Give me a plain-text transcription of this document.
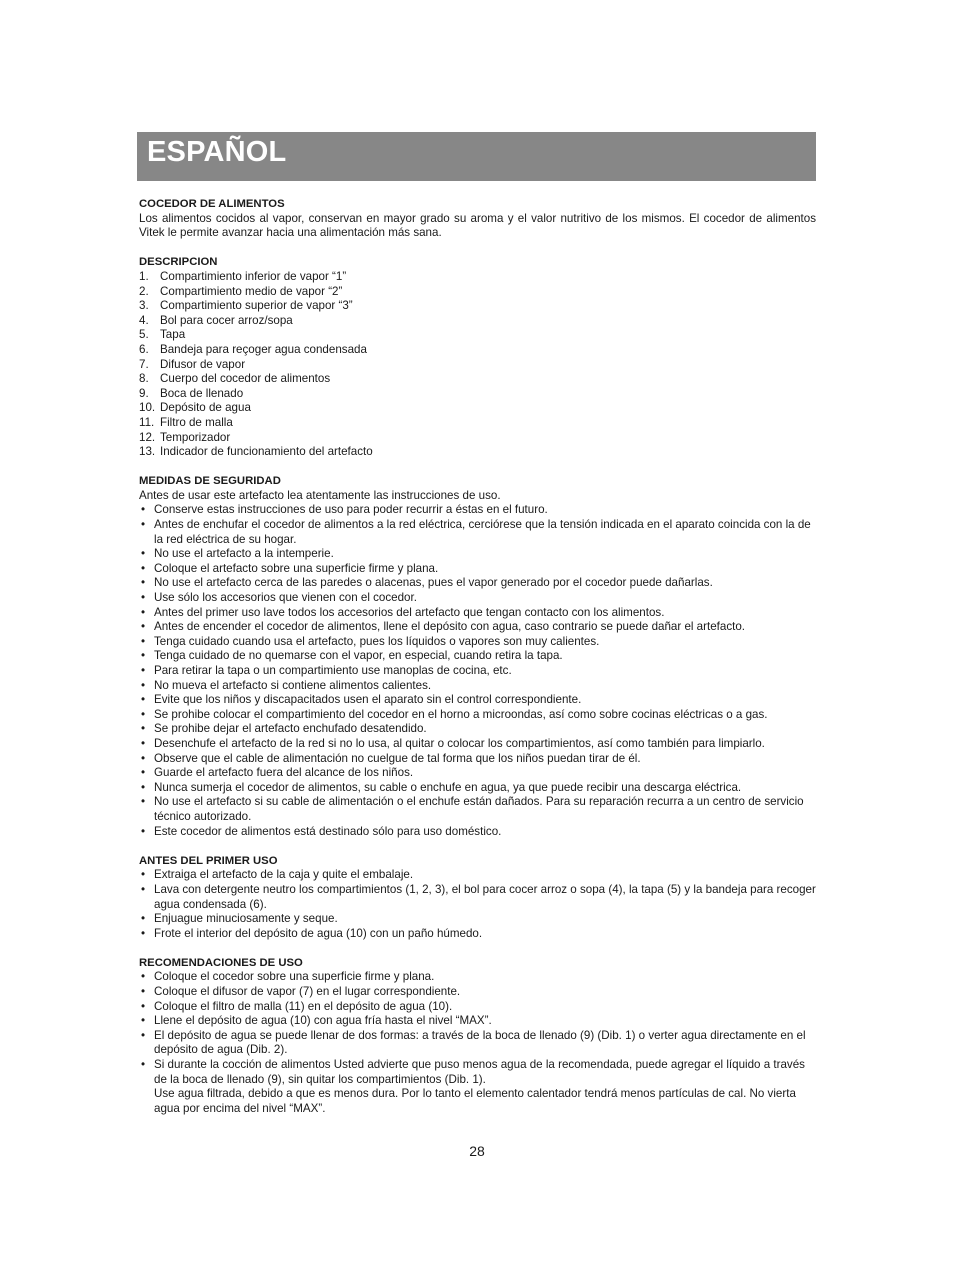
ESPAÑOL
COCEDOR DE ALIMENTOS
Los alimentos cocidos al vapor, conservan en mayor grado su aroma y el valor nutritivo de los mismos. El cocedor de alimentos Vitek le permite avanzar hacia una alimentación más sana.
DESCRIPCION
1. Compartimiento inferior de vapor “1”
2. Compartimiento medio de vapor “2”
3. Compartimiento superior de vapor “3”
4. Bol para cocer arroz/sopa
5. Tapa
6. Bandeja para reçoger agua condensada
7. Difusor de vapor
8. Cuerpo del cocedor de alimentos
9. Boca de llenado
10. Depósito de agua
11. Filtro de malla
12. Temporizador
13. Indicador de funcionamiento del artefacto
MEDIDAS DE SEGURIDAD
Antes de usar este artefacto lea atentamente las instrucciones de uso.
• Conserve estas instrucciones de uso para poder recurrir a éstas en el futuro.
• Antes de enchufar el cocedor de alimentos a la red eléctrica, cerciórese que la tensión indicada en el aparato coincida con la de la red eléctrica de su hogar.
• No use el artefacto a la intemperie.
• Coloque el artefacto sobre una superficie firme y plana.
• No use el artefacto cerca de las paredes o alacenas, pues el vapor generado por el cocedor puede dañarlas.
• Use sólo los accesorios que vienen con el cocedor.
• Antes del primer uso lave todos los accesorios del artefacto que tengan contacto con los alimentos.
• Antes de encender el cocedor de alimentos, llene el depósito con agua, caso contrario se puede dañar el artefacto.
• Tenga cuidado cuando usa el artefacto, pues los líquidos o vapores son muy calientes.
• Tenga cuidado de no quemarse con el vapor, en especial, cuando retira la tapa.
• Para retirar la tapa o un compartimiento use manoplas de cocina, etc.
• No mueva el artefacto si contiene alimentos calientes.
• Evite que los niños y discapacitados usen el aparato sin el control correspondiente.
• Se prohibe colocar el compartimiento del cocedor en el horno a microondas, así como sobre cocinas eléctricas o a gas.
• Se prohibe dejar el artefacto enchufado desatendido.
• Desenchufe el artefacto de la red si no lo usa, al quitar o colocar los compartimientos, así como también para limpiarlo.
• Observe que el cable de alimentación no cuelgue de tal forma que los niños puedan tirar de él.
• Guarde el artefacto fuera del alcance de los niños.
• Nunca sumerja el cocedor de alimentos, su cable o enchufe en agua, ya que puede recibir una descarga eléctrica.
• No use el artefacto si su cable de alimentación o el enchufe están dañados. Para su reparación recurra a un centro de servicio técnico autorizado.
• Este cocedor de alimentos está destinado sólo para uso doméstico.
ANTES DEL PRIMER USO
• Extraiga el artefacto de la caja y quite el embalaje.
• Lava con detergente neutro los compartimientos (1, 2, 3), el bol para cocer arroz o sopa (4), la tapa (5) y la bandeja para recoger agua condensada (6).
• Enjuague minuciosamente y seque.
• Frote el interior del depósito de agua (10) con un paño húmedo.
RECOMENDACIONES DE USO
• Coloque el cocedor sobre una superficie firme y plana.
• Coloque el difusor de vapor (7) en el lugar correspondiente.
• Coloque el filtro de malla (11) en el depósito de agua (10).
• Llene el depósito de agua (10) con agua fría hasta el nivel “MAX”.
• El depósito de agua se puede llenar de dos formas: a través de la boca de llenado (9) (Dib. 1) o verter agua directamente en el depósito de agua (Dib. 2).
• Si durante la cocción de alimentos Usted advierte que puso menos agua de la recomendada, puede agregar el líquido a través de la boca de llenado (9), sin quitar los compartimientos (Dib. 1).
Use agua filtrada, debido a que es menos dura. Por lo tanto el elemento calentador tendrá menos partículas de cal. No vierta agua por encima del nivel “MAX”.
28
